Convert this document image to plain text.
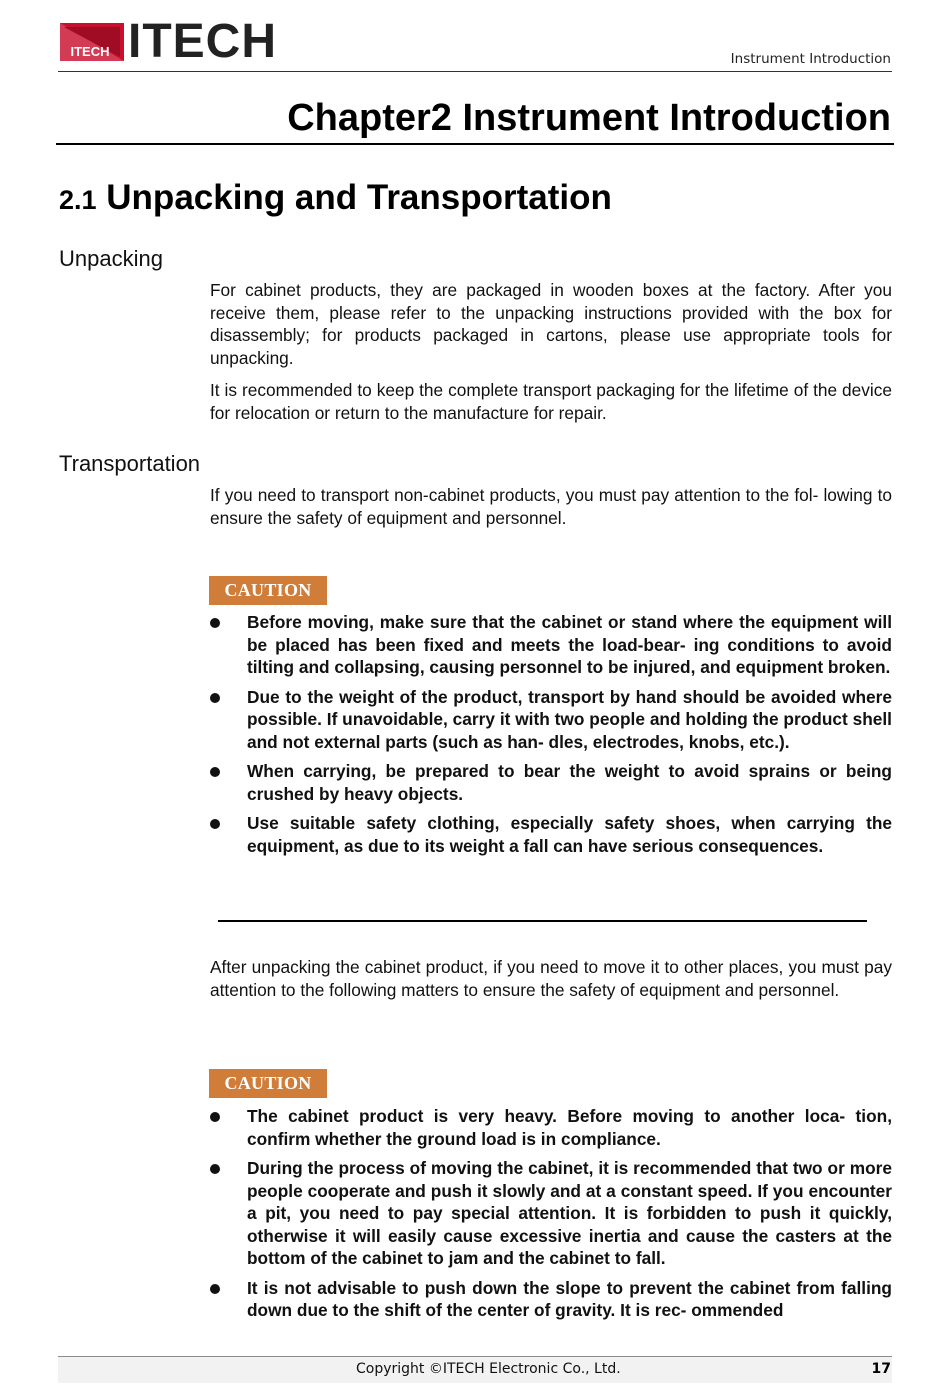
ITECH ITECH	Instrument Introduction
Chapter2 Instrument Introduction
2.1 Unpacking and Transportation
Unpacking
For cabinet products, they are packaged in wooden boxes at the factory. After you receive them, please refer to the unpacking instructions provided with the box for disassembly; for products packaged in cartons, please use appropriate tools for unpacking.
It is recommended to keep the complete transport packaging for the lifetime of the device for relocation or return to the manufacture for repair.
Transportation
If you need to transport non-cabinet products, you must pay attention to the fol- lowing to ensure the safety of equipment and personnel.
CAUTION
Before moving, make sure that the cabinet or stand where the equipment will be placed has been fixed and meets the load-bear- ing conditions to avoid tilting and collapsing, causing personnel to be injured, and equipment broken.
Due to the weight of the product, transport by hand should be avoided where possible. If unavoidable, carry it with two people and holding the product shell and not external parts (such as han- dles, electrodes, knobs, etc.).
When carrying, be prepared to bear the weight to avoid sprains or being crushed by heavy objects.
Use suitable safety clothing, especially safety shoes, when carrying the equipment, as due to its weight a fall can have serious consequences.
After unpacking the cabinet product, if you need to move it to other places, you must pay attention to the following matters to ensure the safety of equipment and personnel.
CAUTION
The cabinet product is very heavy. Before moving to another loca- tion, confirm whether the ground load is in compliance.
During the process of moving the cabinet, it is recommended that two or more people cooperate and push it slowly and at a constant speed. If you encounter a pit, you need to pay special attention. It is forbidden to push it quickly, otherwise it will easily cause excessive inertia and cause the casters at the bottom of the cabinet to jam and the cabinet to fall.
It is not advisable to push down the slope to prevent the cabinet from falling down due to the shift of the center of gravity. It is rec- ommended
Copyright ©ITECH Electronic Co., Ltd.	17
